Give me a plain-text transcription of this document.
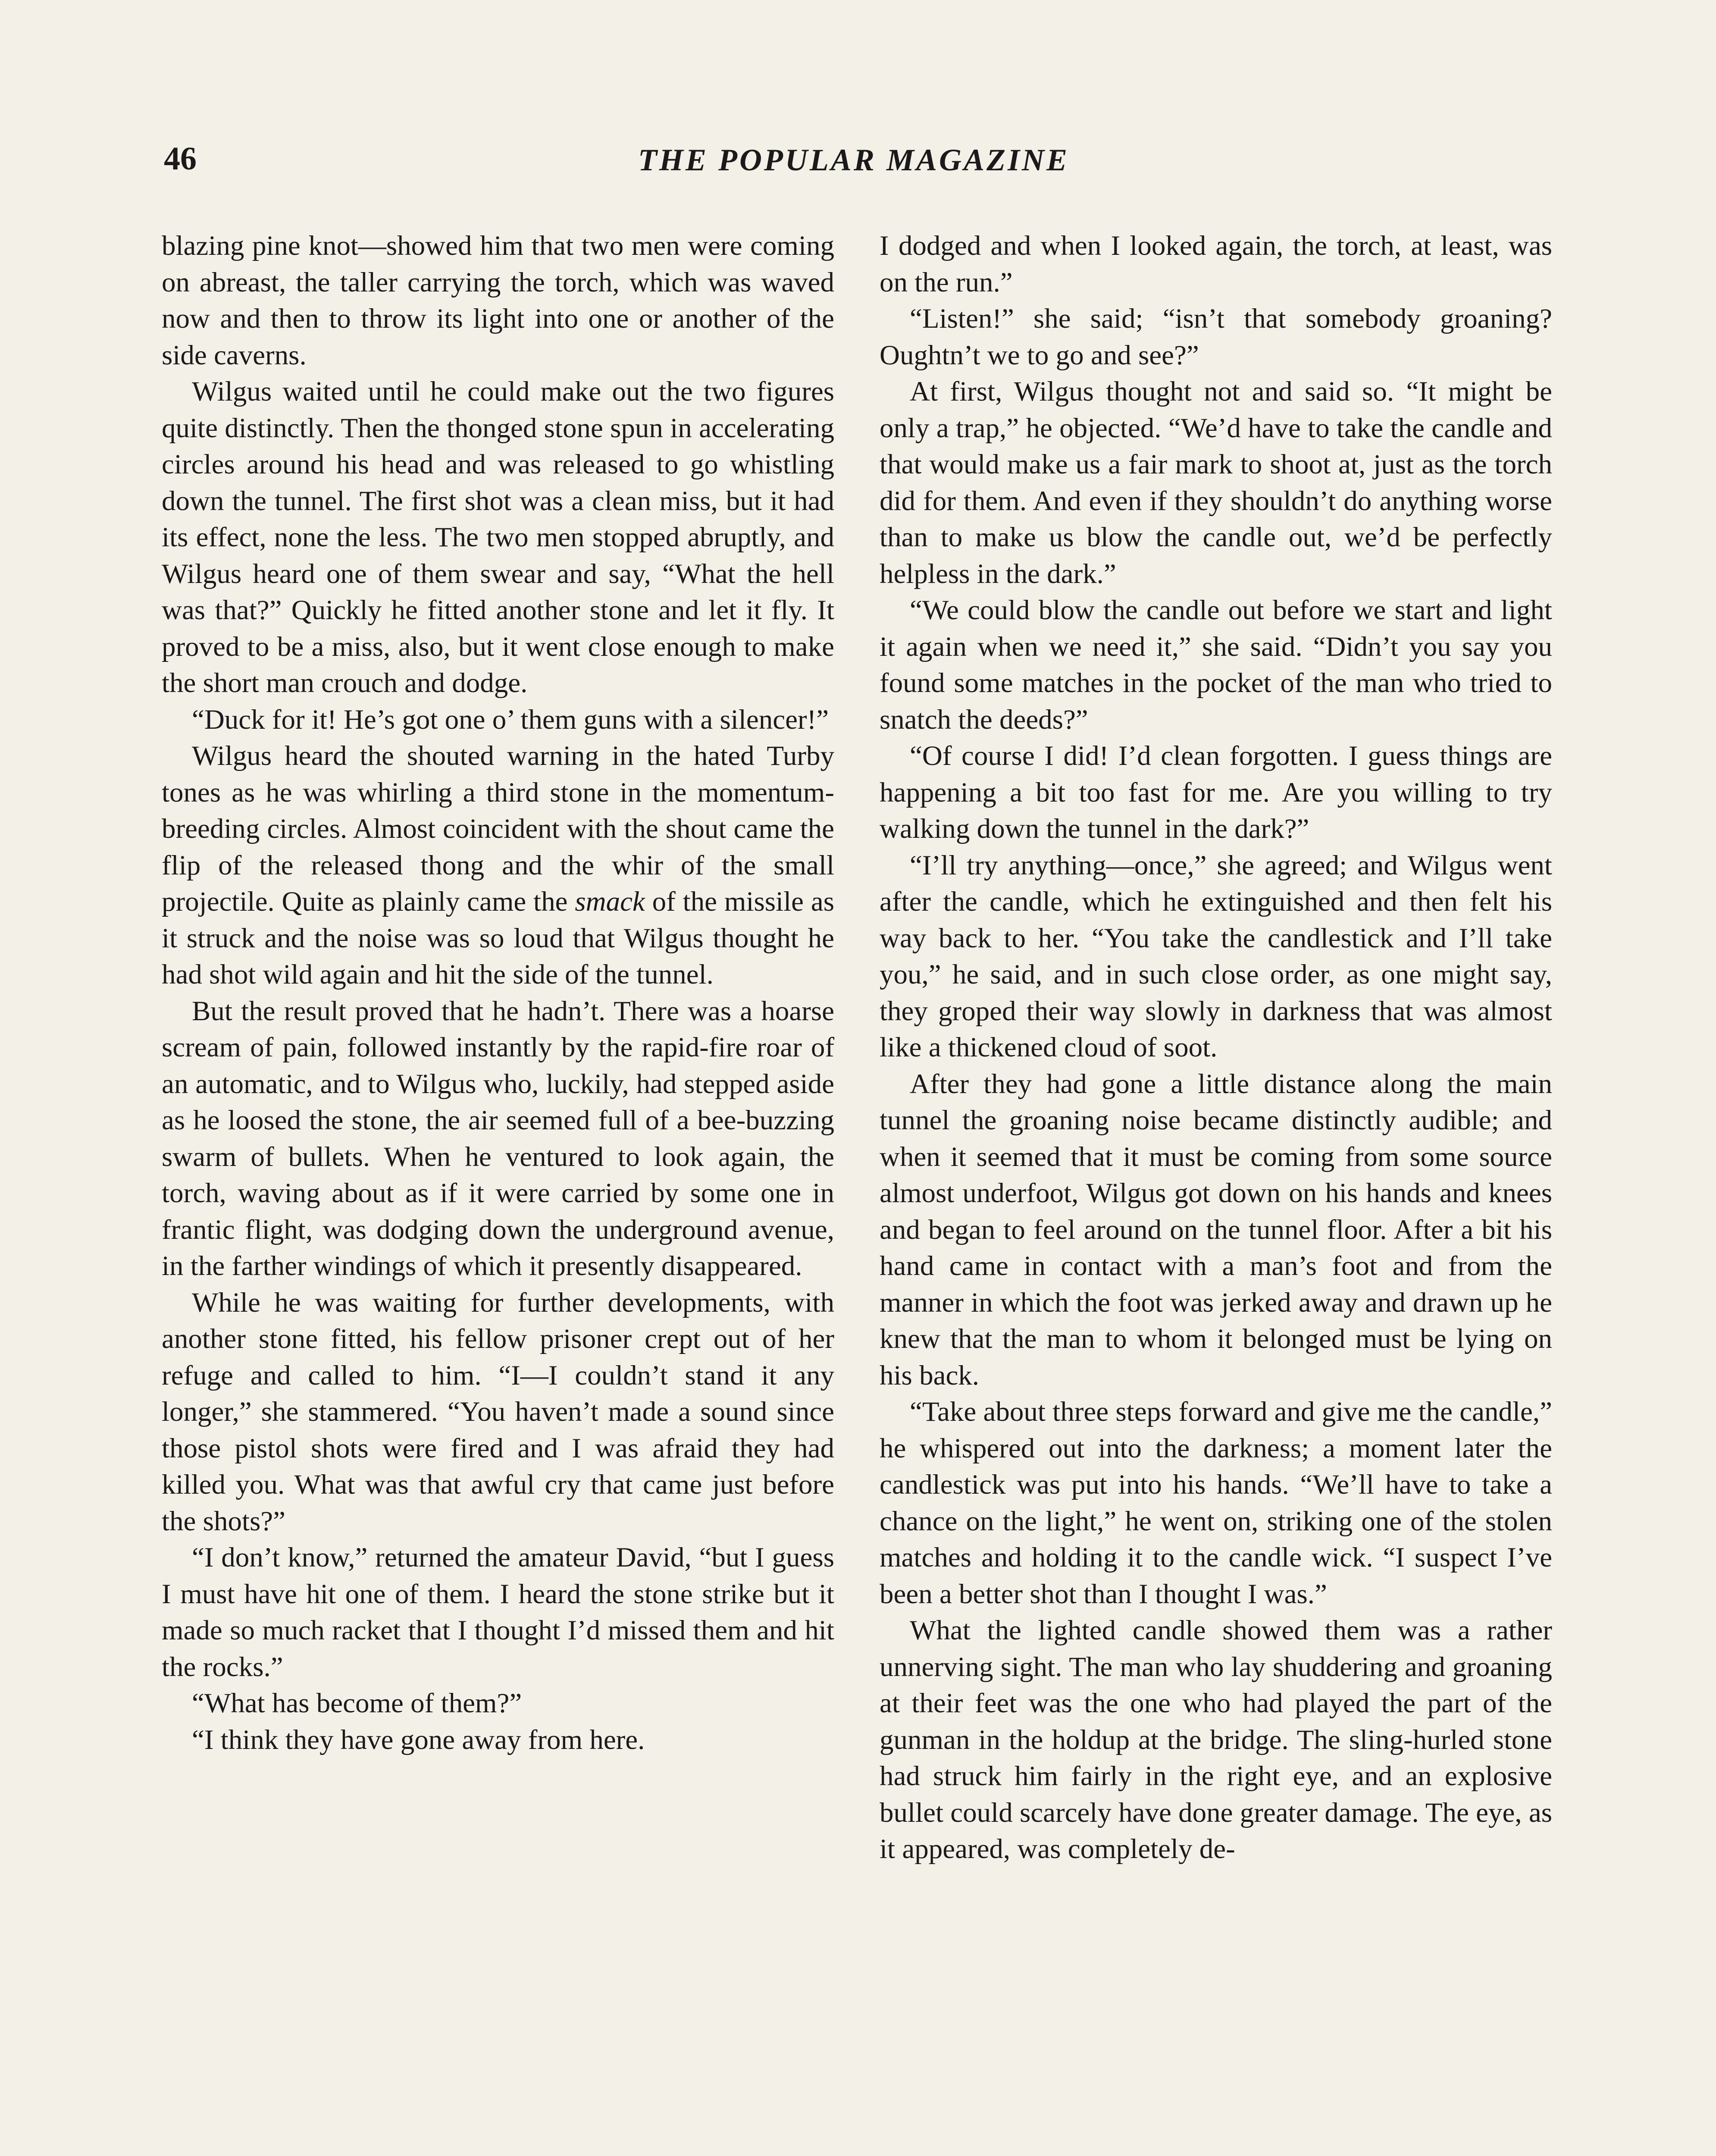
46	THE POPULAR MAGAZINE

blazing pine knot—showed him that two men were coming on abreast, the taller carrying the torch, which was waved now and then to throw its light into one or another of the side caverns.

Wilgus waited until he could make out the two figures quite distinctly. Then the thonged stone spun in accelerating circles around his head and was released to go whistling down the tunnel. The first shot was a clean miss, but it had its effect, none the less. The two men stopped abruptly, and Wilgus heard one of them swear and say, “What the hell was that?” Quickly he fitted another stone and let it fly. It proved to be a miss, also, but it went close enough to make the short man crouch and dodge.

“Duck for it! He’s got one o’ them guns with a silencer!”

Wilgus heard the shouted warning in the hated Turby tones as he was whirling a third stone in the momentum-breeding circles. Almost coincident with the shout came the flip of the released thong and the whir of the small projectile. Quite as plainly came the smack of the missile as it struck and the noise was so loud that Wilgus thought he had shot wild again and hit the side of the tunnel.

But the result proved that he hadn’t. There was a hoarse scream of pain, followed instantly by the rapid-fire roar of an automatic, and to Wilgus who, luckily, had stepped aside as he loosed the stone, the air seemed full of a bee-buzzing swarm of bullets. When he ventured to look again, the torch, waving about as if it were carried by some one in frantic flight, was dodging down the underground avenue, in the farther windings of which it presently disappeared.

While he was waiting for further developments, with another stone fitted, his fellow prisoner crept out of her refuge and called to him. “I—I couldn’t stand it any longer,” she stammered. “You haven’t made a sound since those pistol shots were fired and I was afraid they had killed you. What was that awful cry that came just before the shots?”

“I don’t know,” returned the amateur David, “but I guess I must have hit one of them. I heard the stone strike but it made so much racket that I thought I’d missed them and hit the rocks.”

“What has become of them?”

“I think they have gone away from here.

I dodged and when I looked again, the torch, at least, was on the run.”

“Listen!” she said; “isn’t that somebody groaning? Oughtn’t we to go and see?”

At first, Wilgus thought not and said so. “It might be only a trap,” he objected. “We’d have to take the candle and that would make us a fair mark to shoot at, just as the torch did for them. And even if they shouldn’t do anything worse than to make us blow the candle out, we’d be perfectly helpless in the dark.”

“We could blow the candle out before we start and light it again when we need it,” she said. “Didn’t you say you found some matches in the pocket of the man who tried to snatch the deeds?”

“Of course I did! I’d clean forgotten. I guess things are happening a bit too fast for me. Are you willing to try walking down the tunnel in the dark?”

“I’ll try anything—once,” she agreed; and Wilgus went after the candle, which he extinguished and then felt his way back to her. “You take the candlestick and I’ll take you,” he said, and in such close order, as one might say, they groped their way slowly in darkness that was almost like a thickened cloud of soot.

After they had gone a little distance along the main tunnel the groaning noise became distinctly audible; and when it seemed that it must be coming from some source almost underfoot, Wilgus got down on his hands and knees and began to feel around on the tunnel floor. After a bit his hand came in contact with a man’s foot and from the manner in which the foot was jerked away and drawn up he knew that the man to whom it belonged must be lying on his back.

“Take about three steps forward and give me the candle,” he whispered out into the darkness; a moment later the candlestick was put into his hands. “We’ll have to take a chance on the light,” he went on, striking one of the stolen matches and holding it to the candle wick. “I suspect I’ve been a better shot than I thought I was.”

What the lighted candle showed them was a rather unnerving sight. The man who lay shuddering and groaning at their feet was the one who had played the part of the gunman in the holdup at the bridge. The sling-hurled stone had struck him fairly in the right eye, and an explosive bullet could scarcely have done greater damage. The eye, as it appeared, was completely de-
